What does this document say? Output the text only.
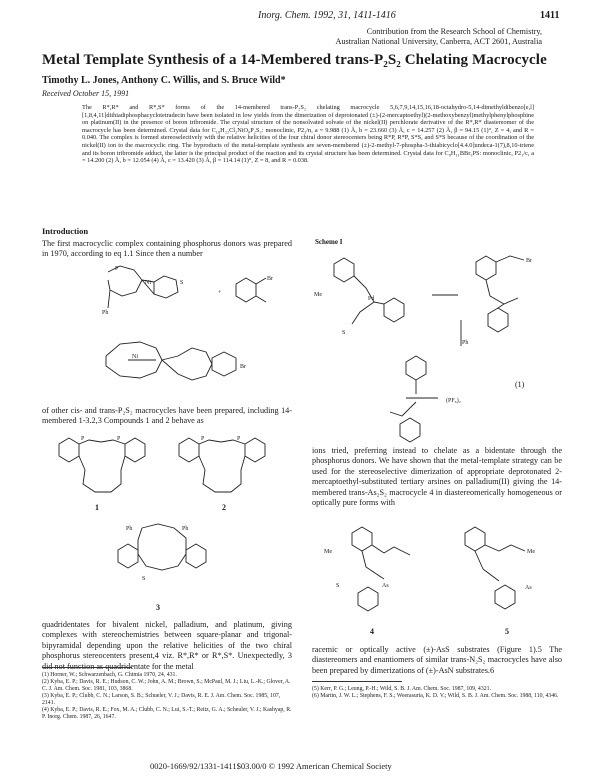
Inorg. Chem. 1992, 31, 1411-1416	1411
Contribution from the Research School of Chemistry,
Australian National University, Canberra, ACT 2601, Australia
Metal Template Synthesis of a 14-Membered trans-P₂S₂ Chelating Macrocycle
Timothy L. Jones, Anthony C. Willis, and S. Bruce Wild*
Received October 15, 1991
The R*,R* and R*,S* forms of the 14-membered trans-P₂S₂ chelating macrocycle 5,6,7,9,14,15,16,18-octahydro-5,14-dimethyldibenzo[e,l][1,8,4,11]dithiadiphosphacyclotetradecin have been isolated in low yields from the dimerization of deprotonated (±)-(2-mercaptoethyl)(2-methoxybenzyl)methylphenylphosphine on platinum(II) in the presence of boron tribromide. The crystal structure of the nonsolvated solvate of the nickel(II) perchlorate derivative of the R*,R* diastereomer of the macrocycle has been determined. Crystal data for C₁₈H₂₂Cl₂NiO₈P₂S₂: monoclinic, P2₁/n, a = 9.988 (1) Å, b = 23.660 (3) Å, c = 14.257 (2) Å, β = 94.15 (1)°, Z = 4, and R = 0.040. The complex is formed stereoselectively with the relative helicities of the four chiral donor stereocenters being R*P, R*P, S*S, and S*S because of the coordination of the nickel(II) ion to the macrocyclic ring. The byproducts of the metal-template synthesis are seven-membered (±)-2-methyl-7-phospha-3-thiabicyclo[4.4.0]undeca-1(7),8,10-triene and its boron tribromide adduct, the latter is the principal product of the reaction and its crystal structure has been determined. Crystal data for C₉H₁₁BBr₃PS: monoclinic, P2₁/c, a = 14.200 (2) Å, b = 12.054 (4) Å, c = 13.420 (3) Å, β = 114.14 (1)°, Z = 8, and R = 0.038.
Introduction
The first macrocyclic complex containing phosphorus donors was prepared in 1970, according to eq 1.1 Since then a number
P
Ni
Ph
S
+
Br
Ni
Br
(1)
of other cis- and trans-P₂S₂ macrocycles have been prepared, including 14-membered 1-3.2,3 Compounds 1 and 2 behave as
P	P
1
P	P
2
Ph	Ph
S
3
quadridentates for bivalent nickel, palladium, and platinum, giving complexes with stereochemistries between square-planar and trigonal-bipyramidal depending upon the relative helicities of the two chiral phosphorus stereocenters present,4 viz. R*,R* or R*,S*. Unexpectedly, 3 did not function as quadridentate for the metal
(1) Horner, W.; Schwarzenbach, G. Chimia 1970, 24, 431.
(2) Kyba, E. P.; Davis, R. E.; Hudson, C. W.; John, A. M.; Brown, S.; McPaul, M. J.; Liu, L.-K.; Glover, A. C. J. Am. Chem. Soc. 1981, 103, 3868.
(3) Kyba, E. P.; Clubb, C. N.; Larson, S. B.; Schueler, V. J.; Davis, R. E. J. Am. Chem. Soc. 1985, 107, 2141.
(4) Kyba, E. P.; Davis, R. E.; Fox, M. A.; Clubb, C. N.; Lui, S.-T.; Reitz, G. A.; Scheuler, V. J.; Kashyap, R. P. Inorg. Chem. 1987, 26, 1647.
Scheme I
Me
Pd
S
Br
Ph
(PF₆)₂
ions tried, preferring instead to chelate as a bidentate through the phosphorus donors. We have shown that the metal-template strategy can be used for the stereoselective dimerization of appropriate deprotonated 2-mercaptoethyl-substituted tertiary arsines on palladium(II) giving the 14-membered trans-As₂S₂ macrocycle 4 in diastereomerically homogeneous or optically pure forms with
Me
As
S
4
Me
As
5
racemic or optically active (±)-AsS substrates (Figure 1).5 The diastereomers and enantiomers of similar trans-N₂S₂ macrocycles have also been prepared by dimerizations of (±)-AsN substrates.6
(5) Kerr, P. G.; Leung, P.-H.; Wild, S. B. J. Am. Chem. Soc. 1987, 109, 4321.
(6) Martin, J. W. L.; Stephens, F. S.; Weerasuria, K. D. V.; Wild, S. B. J. Am. Chem. Soc. 1988, 110, 4346.
0020-1669/92/1331-1411$03.00/0 © 1992 American Chemical Society
